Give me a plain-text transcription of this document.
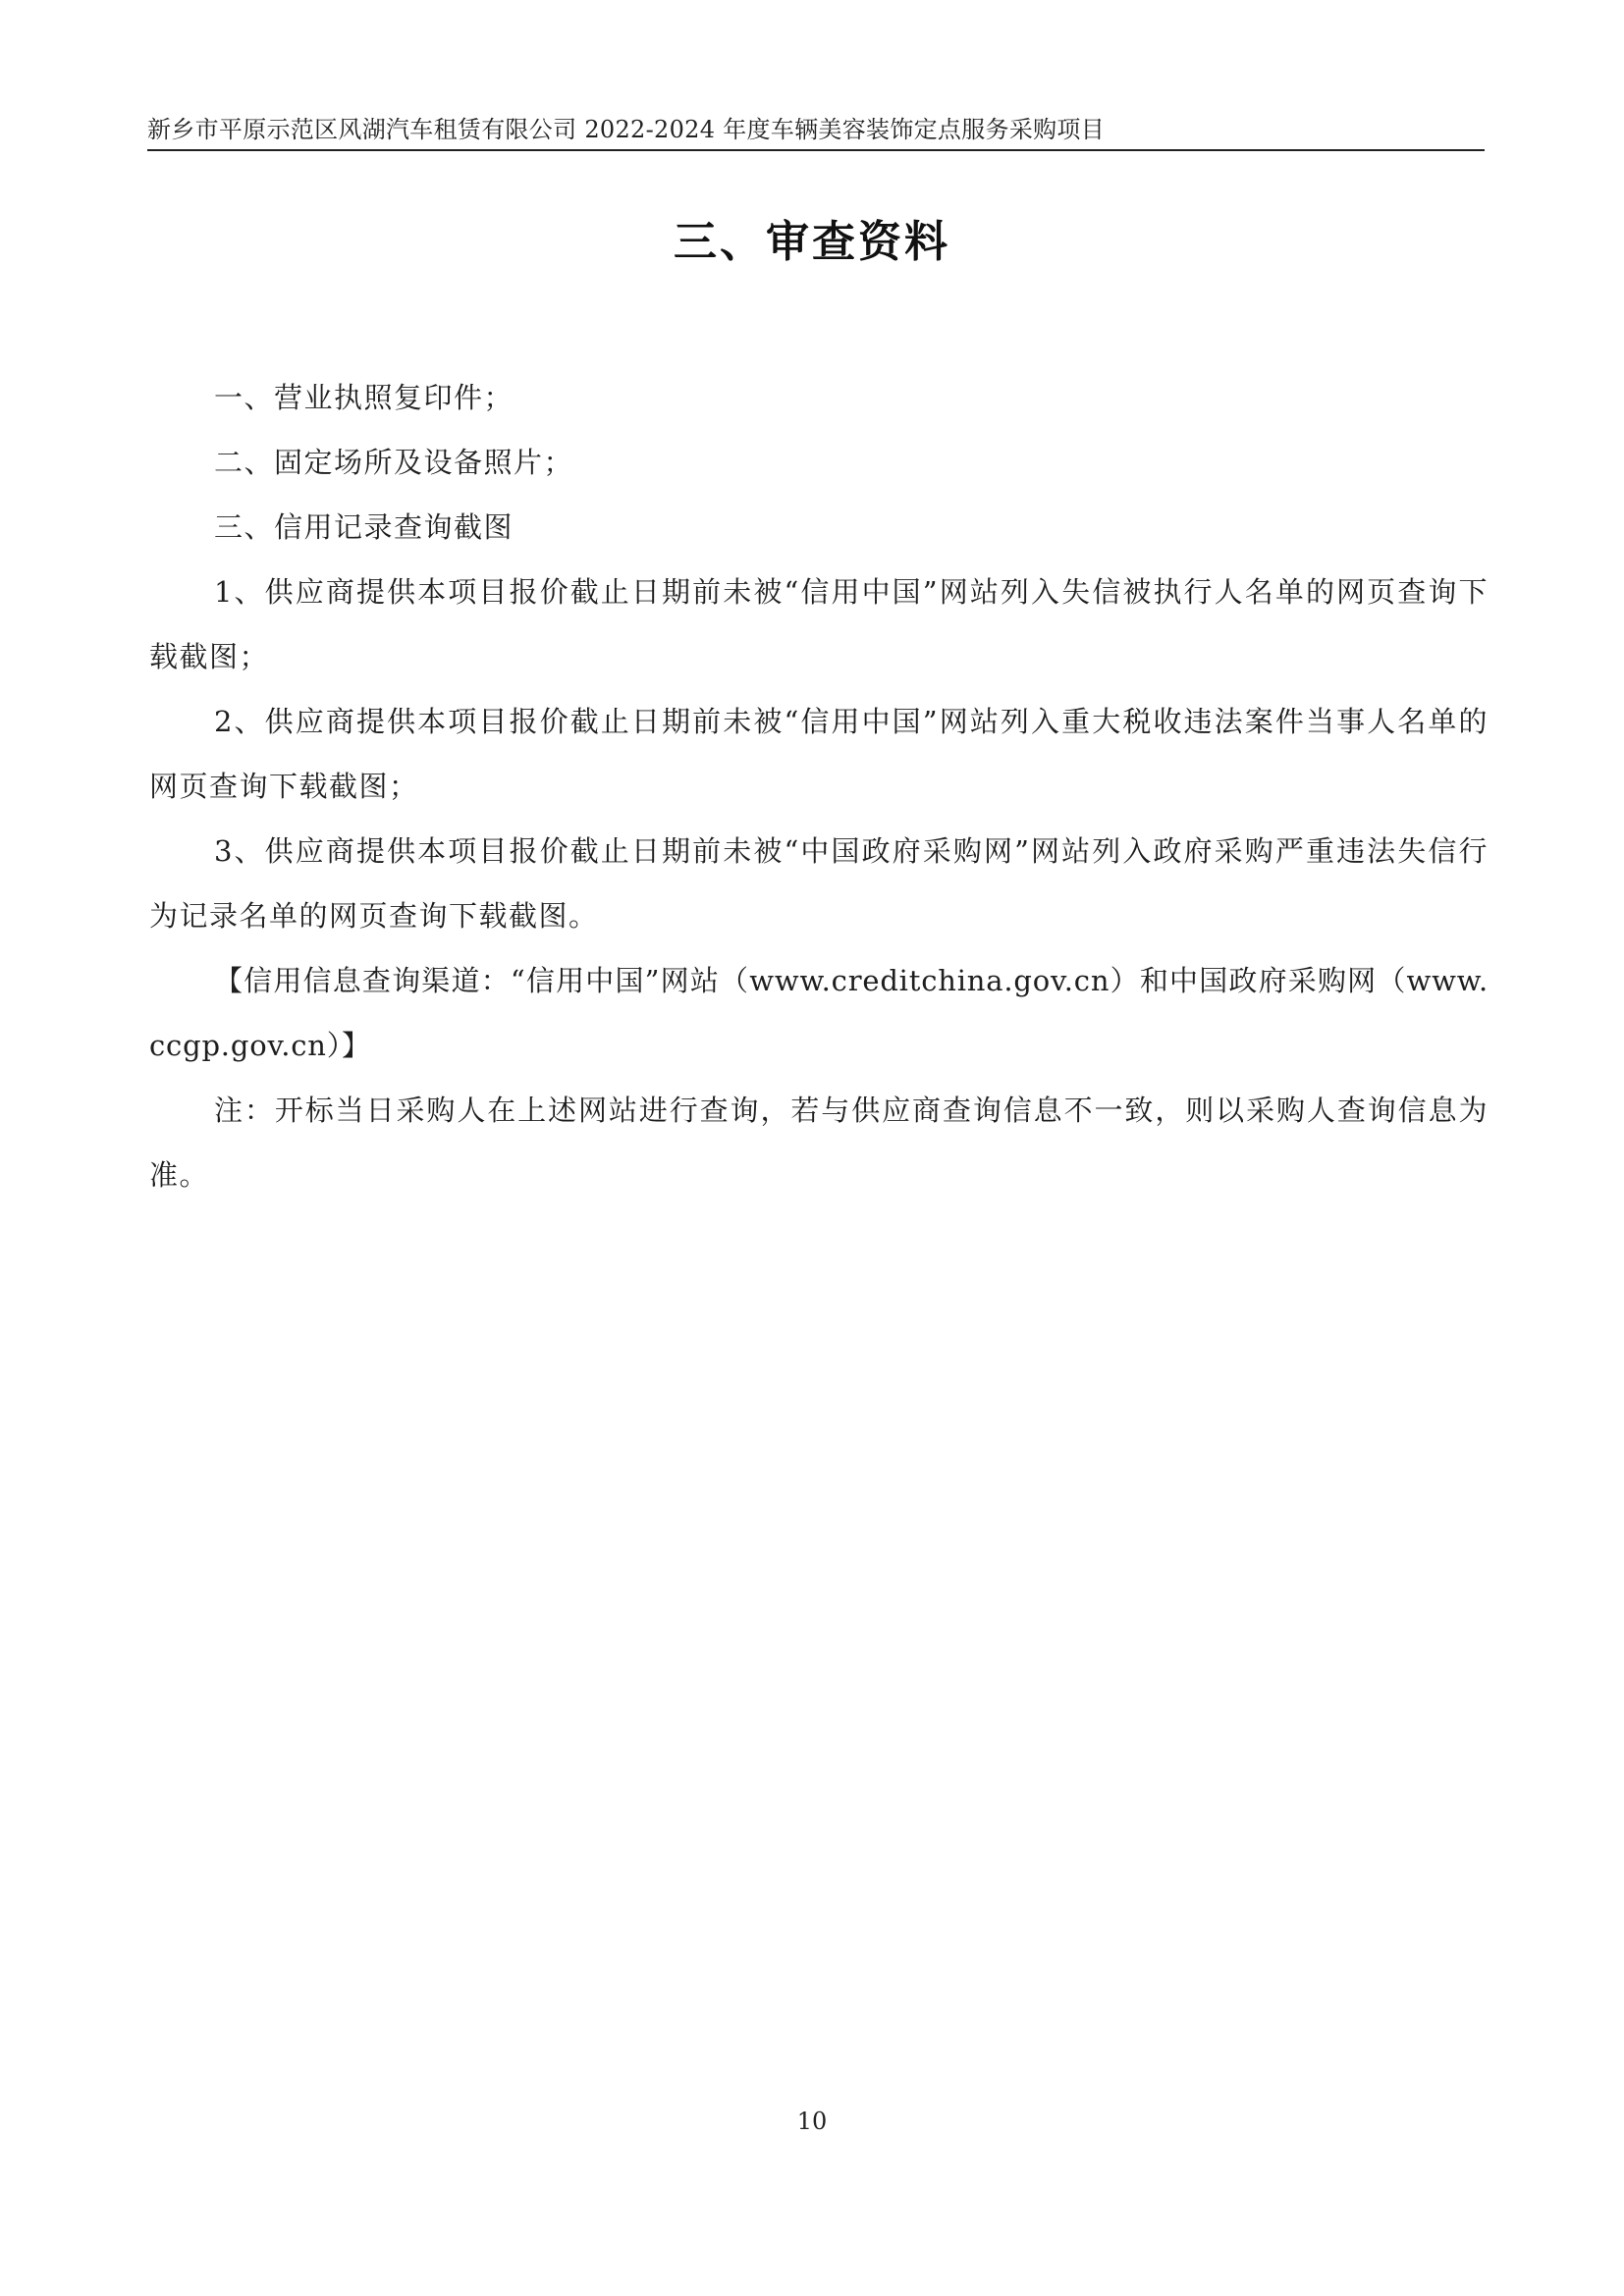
新乡市平原示范区风湖汽车租赁有限公司 2022-2024 年度车辆美容装饰定点服务采购项目
三、审查资料

一、营业执照复印件；

二、固定场所及设备照片；

三、信用记录查询截图

1、供应商提供本项目报价截止日期前未被“信用中国”网站列入失信被执行人名单的网页查询下载截图；

2、供应商提供本项目报价截止日期前未被“信用中国”网站列入重大税收违法案件当事人名单的网页查询下载截图；

3、供应商提供本项目报价截止日期前未被“中国政府采购网”网站列入政府采购严重违法失信行为记录名单的网页查询下载截图。

【信用信息查询渠道：“信用中国”网站（www.creditchina.gov.cn）和中国政府采购网（www.ccgp.gov.cn）】

注：开标当日采购人在上述网站进行查询，若与供应商查询信息不一致，则以采购人查询信息为准。

10
